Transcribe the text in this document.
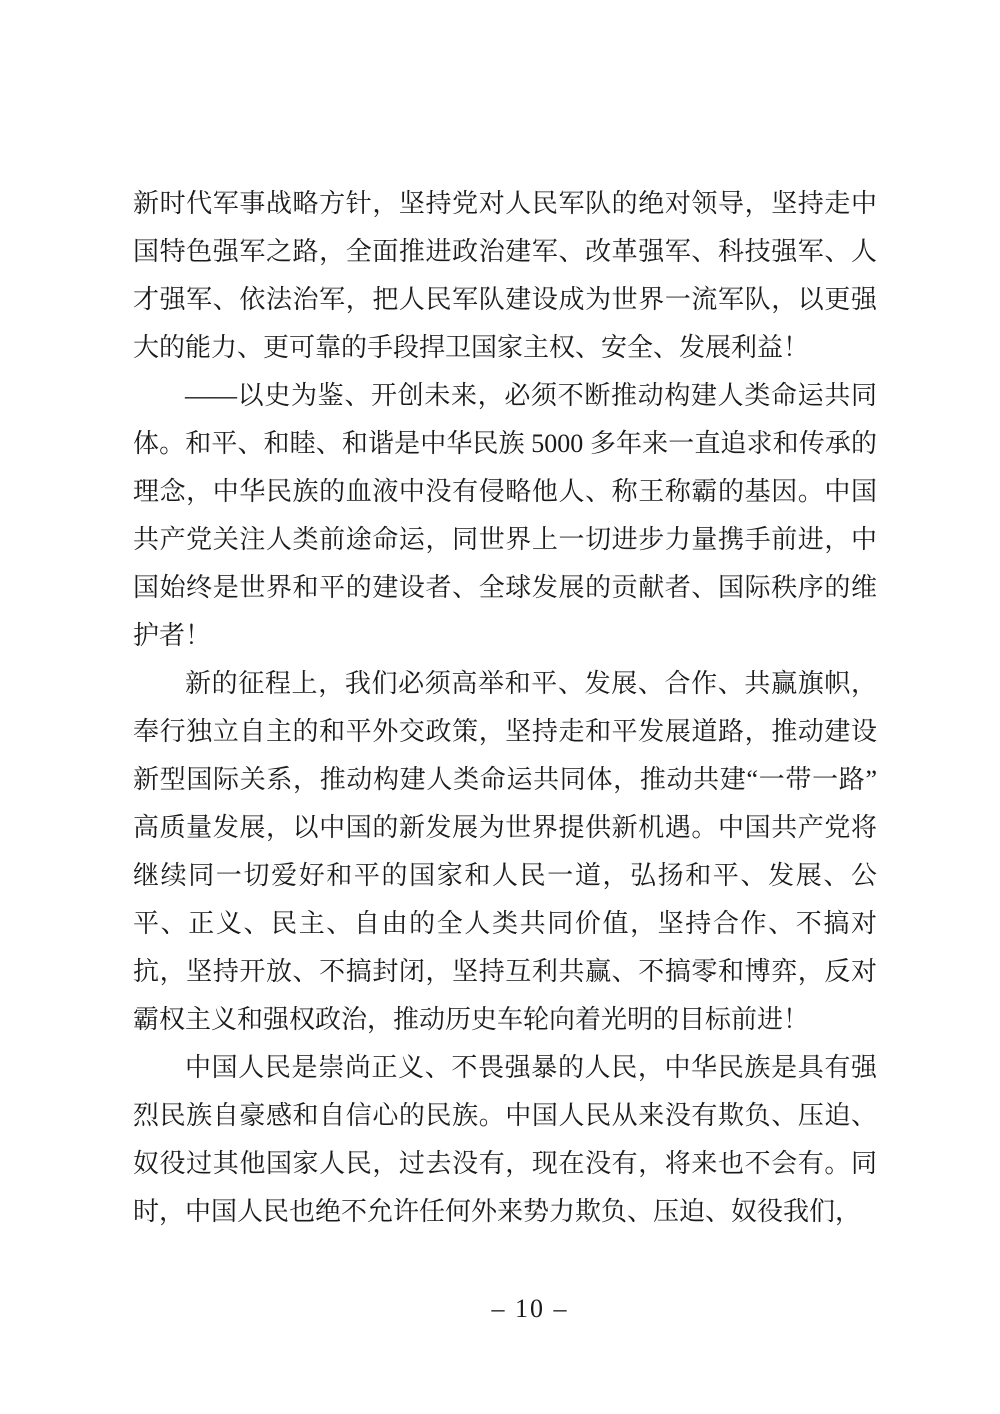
新时代军事战略方针，坚持党对人民军队的绝对领导，坚持走中国特色强军之路，全面推进政治建军、改革强军、科技强军、人才强军、依法治军，把人民军队建设成为世界一流军队，以更强大的能力、更可靠的手段捍卫国家主权、安全、发展利益！

——以史为鉴、开创未来，必须不断推动构建人类命运共同体。和平、和睦、和谐是中华民族 5000 多年来一直追求和传承的理念，中华民族的血液中没有侵略他人、称王称霸的基因。中国共产党关注人类前途命运，同世界上一切进步力量携手前进，中国始终是世界和平的建设者、全球发展的贡献者、国际秩序的维护者！

新的征程上，我们必须高举和平、发展、合作、共赢旗帜，奉行独立自主的和平外交政策，坚持走和平发展道路，推动建设新型国际关系，推动构建人类命运共同体，推动共建“一带一路”高质量发展，以中国的新发展为世界提供新机遇。中国共产党将继续同一切爱好和平的国家和人民一道，弘扬和平、发展、公平、正义、民主、自由的全人类共同价值，坚持合作、不搞对抗，坚持开放、不搞封闭，坚持互利共赢、不搞零和博弈，反对霸权主义和强权政治，推动历史车轮向着光明的目标前进！

中国人民是崇尚正义、不畏强暴的人民，中华民族是具有强烈民族自豪感和自信心的民族。中国人民从来没有欺负、压迫、奴役过其他国家人民，过去没有，现在没有，将来也不会有。同时，中国人民也绝不允许任何外来势力欺负、压迫、奴役我们，

– 10 –
